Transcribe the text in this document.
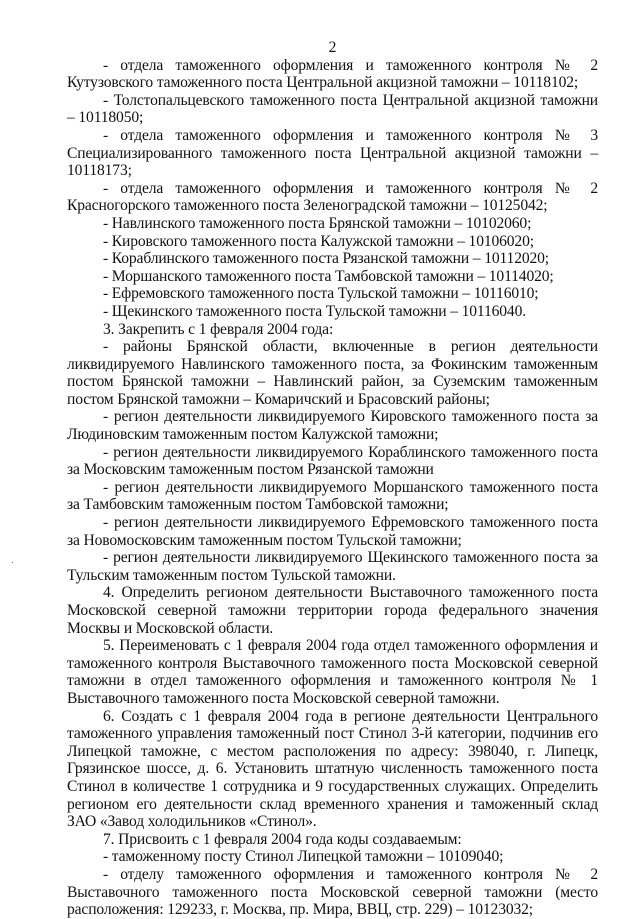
2

- отдела таможенного оформления и таможенного контроля № 2 Кутузовского таможенного поста Центральной акцизной таможни – 10118102;

- Толстопальцевского таможенного поста Центральной акцизной таможни – 10118050;

- отдела таможенного оформления и таможенного контроля № 3 Специализированного таможенного поста Центральной акцизной таможни – 10118173;

- отдела таможенного оформления и таможенного контроля № 2 Красногорского таможенного поста Зеленоградской таможни – 10125042;

- Навлинского таможенного поста Брянской таможни – 10102060;

- Кировского таможенного поста Калужской таможни – 10106020;

- Кораблинского таможенного поста Рязанской таможни – 10112020;

- Моршанского таможенного поста Тамбовской таможни – 10114020;

- Ефремовского таможенного поста Тульской таможни – 10116010;

- Щекинского таможенного поста Тульской таможни – 10116040.

3. Закрепить с 1 февраля 2004 года:

- районы Брянской области, включенные в регион деятельности ликвидируемого Навлинского таможенного поста, за Фокинским таможенным постом Брянской таможни – Навлинский район, за Суземским таможенным постом Брянской таможни – Комаричский и Брасовский районы;

- регион деятельности ликвидируемого Кировского таможенного поста за Людиновским таможенным постом Калужской таможни;

- регион деятельности ликвидируемого Кораблинского таможенного поста за Московским таможенным постом Рязанской таможни

- регион деятельности ликвидируемого Моршанского таможенного поста за Тамбовским таможенным постом Тамбовской таможни;

- регион деятельности ликвидируемого Ефремовского таможенного поста за Новомосковским таможенным постом Тульской таможни;

- регион деятельности ликвидируемого Щекинского таможенного поста за Тульским таможенным постом Тульской таможни.

4. Определить регионом деятельности Выставочного таможенного поста Московской северной таможни территории города федерального значения Москвы и Московской области.

5. Переименовать с 1 февраля 2004 года отдел таможенного оформления и таможенного контроля Выставочного таможенного поста Московской северной таможни в отдел таможенного оформления и таможенного контроля № 1 Выставочного таможенного поста Московской северной таможни.

6. Создать с 1 февраля 2004 года в регионе деятельности Центрального таможенного управления таможенный пост Стинол 3-й категории, подчинив его Липецкой таможне, с местом расположения по адресу: 398040, г. Липецк, Грязинское шоссе, д. 6. Установить штатную численность таможенного поста Стинол в количестве 1 сотрудника и 9 государственных служащих. Определить регионом его деятельности склад временного хранения и таможенный склад ЗАО «Завод холодильников «Стинол».

7. Присвоить с 1 февраля 2004 года коды создаваемым:

- таможенному посту Стинол Липецкой таможни – 10109040;

- отделу таможенного оформления и таможенного контроля № 2 Выставочного таможенного поста Московской северной таможни (место расположения: 129233, г. Москва, пр. Мира, ВВЦ, стр. 229) – 10123032;
